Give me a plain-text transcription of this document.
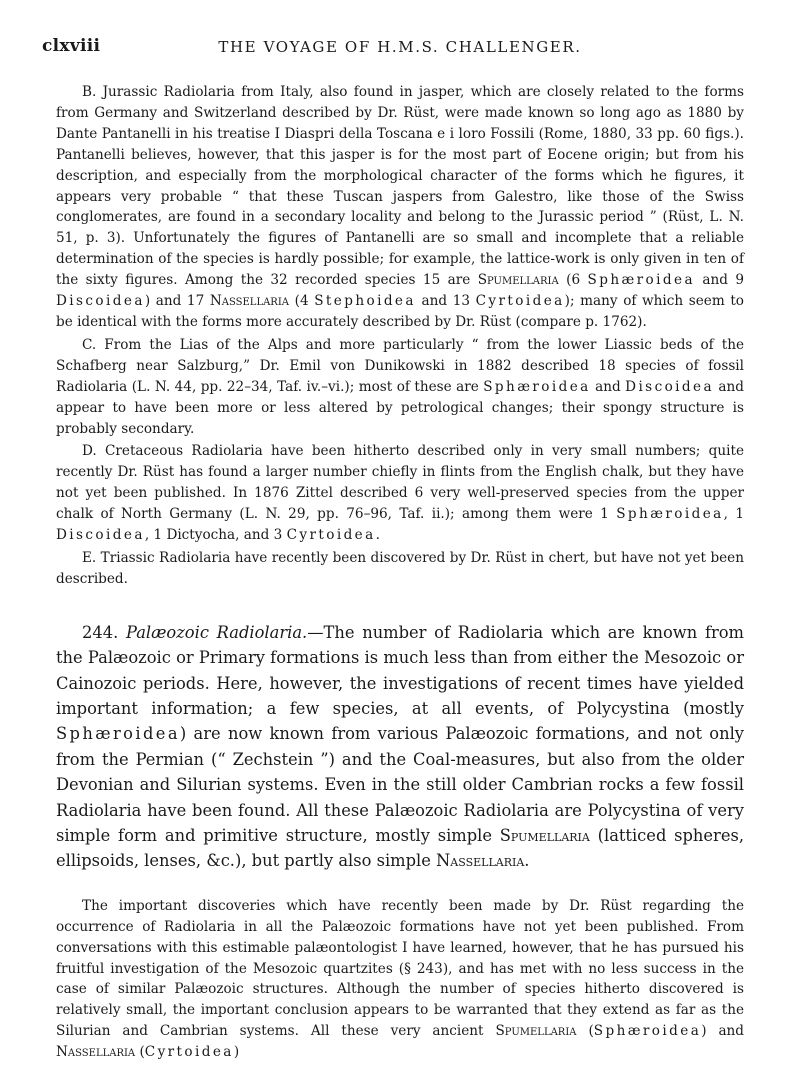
clxviii	THE VOYAGE OF H.M.S. CHALLENGER.

B. Jurassic Radiolaria from Italy, also found in jasper, which are closely related to the forms from Germany and Switzerland described by Dr. Rüst, were made known so long ago as 1880 by Dante Pantanelli in his treatise I Diaspri della Toscana e i loro Fossili (Rome, 1880, 33 pp. 60 figs.). Pantanelli believes, however, that this jasper is for the most part of Eocene origin; but from his description, and especially from the morphological character of the forms which he figures, it appears very probable “ that these Tuscan jaspers from Galestro, like those of the Swiss conglomerates, are found in a secondary locality and belong to the Jurassic period ” (Rüst, L. N. 51, p. 3). Unfortunately the figures of Pantanelli are so small and incomplete that a reliable determination of the species is hardly possible; for example, the lattice-work is only given in ten of the sixty figures. Among the 32 recorded species 15 are Spumellaria (6 Sphæroidea and 9 Discoidea) and 17 Nassellaria (4 Stephoidea and 13 Cyrtoidea); many of which seem to be identical with the forms more accurately described by Dr. Rüst (compare p. 1762).

C. From the Lias of the Alps and more particularly “ from the lower Liassic beds of the Schafberg near Salzburg,” Dr. Emil von Dunikowski in 1882 described 18 species of fossil Radiolaria (L. N. 44, pp. 22–34, Taf. iv.–vi.); most of these are Sphæroidea and Discoidea and appear to have been more or less altered by petrological changes; their spongy structure is probably secondary.

D. Cretaceous Radiolaria have been hitherto described only in very small numbers; quite recently Dr. Rüst has found a larger number chiefly in flints from the English chalk, but they have not yet been published. In 1876 Zittel described 6 very well-preserved species from the upper chalk of North Germany (L. N. 29, pp. 76–96, Taf. ii.); among them were 1 Sphæroidea, 1 Discoidea, 1 Dictyocha, and 3 Cyrtoidea.

E. Triassic Radiolaria have recently been discovered by Dr. Rüst in chert, but have not yet been described.

244. Palæozoic Radiolaria.—The number of Radiolaria which are known from the Palæozoic or Primary formations is much less than from either the Mesozoic or Cainozoic periods. Here, however, the investigations of recent times have yielded important information; a few species, at all events, of Polycystina (mostly Sphæroidea) are now known from various Palæozoic formations, and not only from the Permian (“ Zechstein ”) and the Coal-measures, but also from the older Devonian and Silurian systems. Even in the still older Cambrian rocks a few fossil Radiolaria have been found. All these Palæozoic Radiolaria are Polycystina of very simple form and primitive structure, mostly simple Spumellaria (latticed spheres, ellipsoids, lenses, &c.), but partly also simple Nassellaria.

The important discoveries which have recently been made by Dr. Rüst regarding the occurrence of Radiolaria in all the Palæozoic formations have not yet been published. From conversations with this estimable palæontologist I have learned, however, that he has pursued his fruitful investigation of the Mesozoic quartzites (§ 243), and has met with no less success in the case of similar Palæozoic structures. Although the number of species hitherto discovered is relatively small, the important conclusion appears to be warranted that they extend as far as the Silurian and Cambrian systems. All these very ancient Spumellaria (Sphæroidea) and Nassellaria (Cyrtoidea)
